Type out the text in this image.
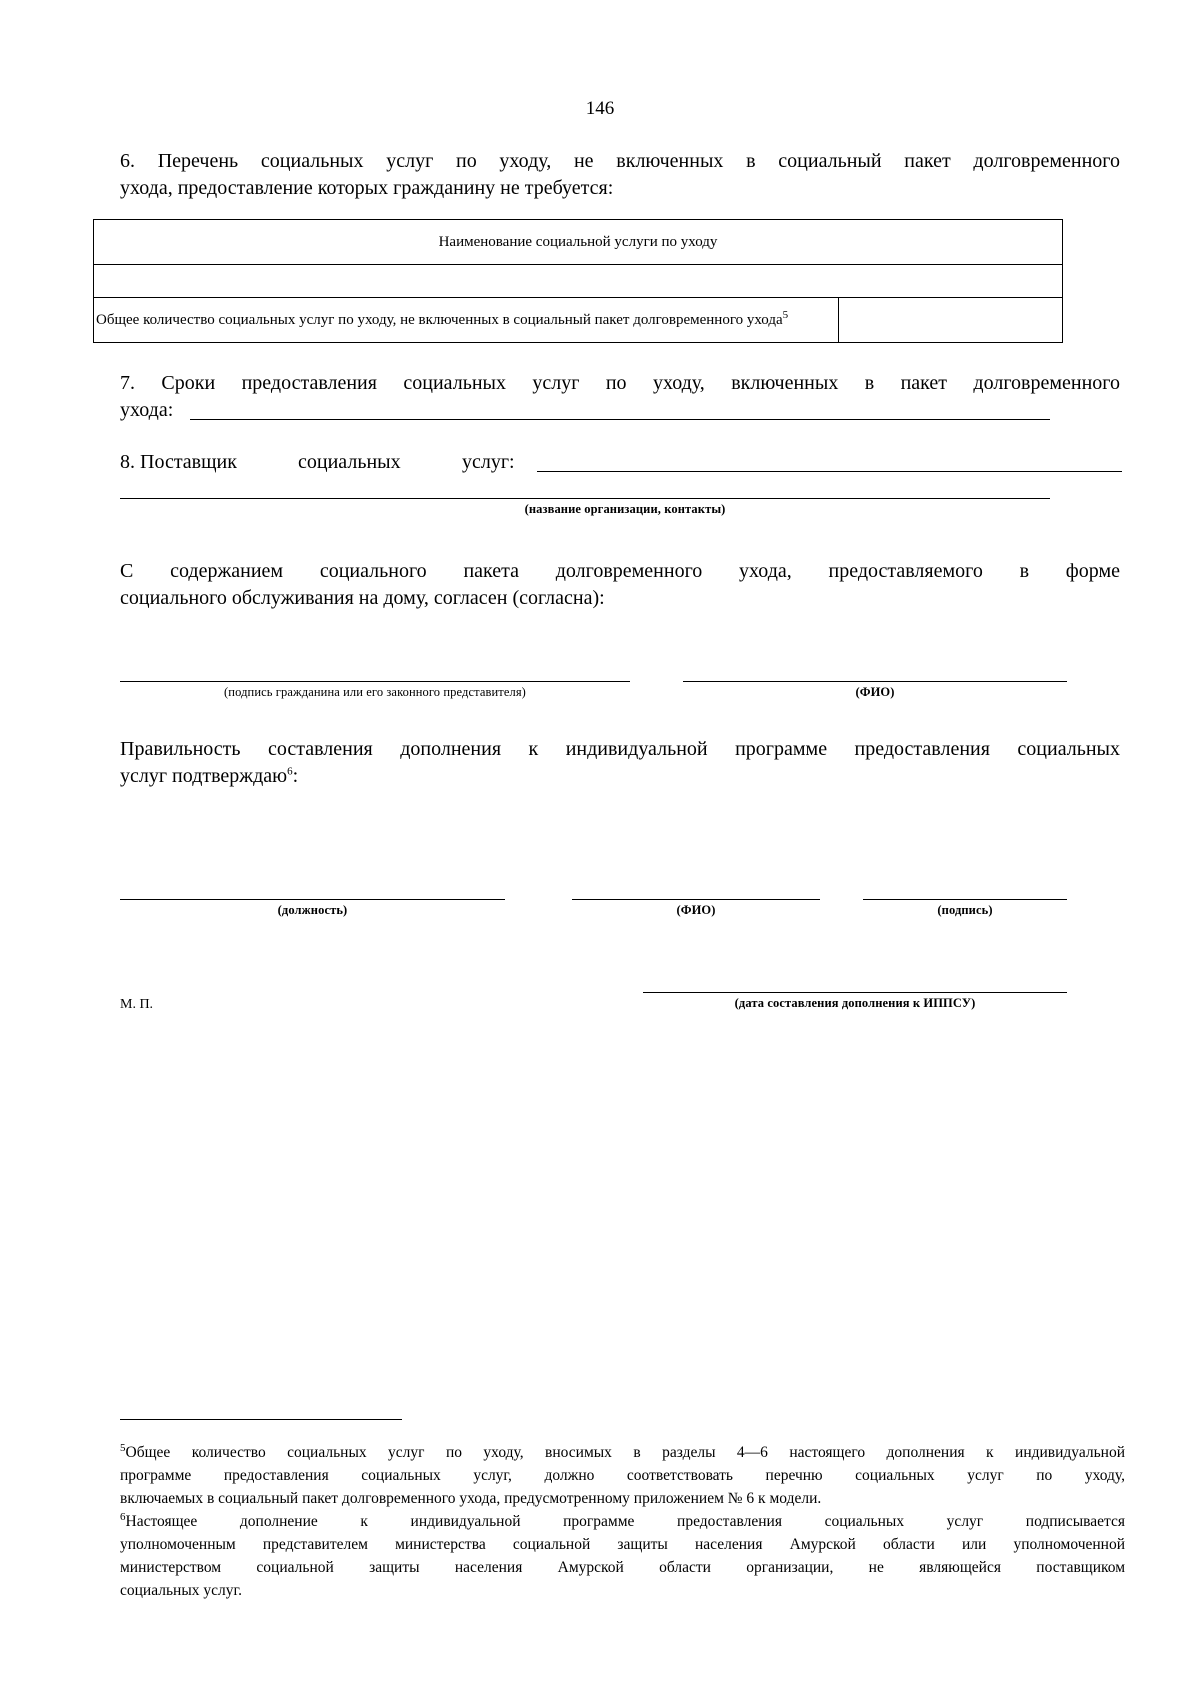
146
6. Перечень социальных услуг по уходу, не включенных в социальный пакет долговременного
ухода, предоставление которых гражданину не требуется:
Наименование социальной услуги по уходу

Общее количество социальных услуг по уходу, не включенных в социальный пакет долговременного ухода$^5$	
7. Сроки предоставления социальных услуг по уходу, включенных в пакет долговременного
ухода:
8. Поставщик	социальных	услуг:
(название организации, контакты)
С содержанием социального пакета долговременного ухода, предоставляемого в форме
социального обслуживания на дому, согласен (согласна):
(подпись гражданина или его законного представителя)	(ФИО)
Правильность составления дополнения к индивидуальной программе предоставления социальных
услуг подтверждаю$^6$:
(должность)	(ФИО)	(подпись)
М. П.	(дата составления дополнения к ИППСУ)
$^5$Общее количество социальных услуг по уходу, вносимых в разделы 4—6 настоящего дополнения к индивидуальной
программе предоставления социальных услуг, должно соответствовать перечню социальных услуг по уходу,
включаемых в социальный пакет долговременного ухода, предусмотренному приложением № 6 к модели.
$^6$Настоящее дополнение к индивидуальной программе предоставления социальных услуг подписывается
уполномоченным представителем министерства социальной защиты населения Амурской области или уполномоченной
министерством социальной защиты населения Амурской области организации, не являющейся поставщиком
социальных услуг.
